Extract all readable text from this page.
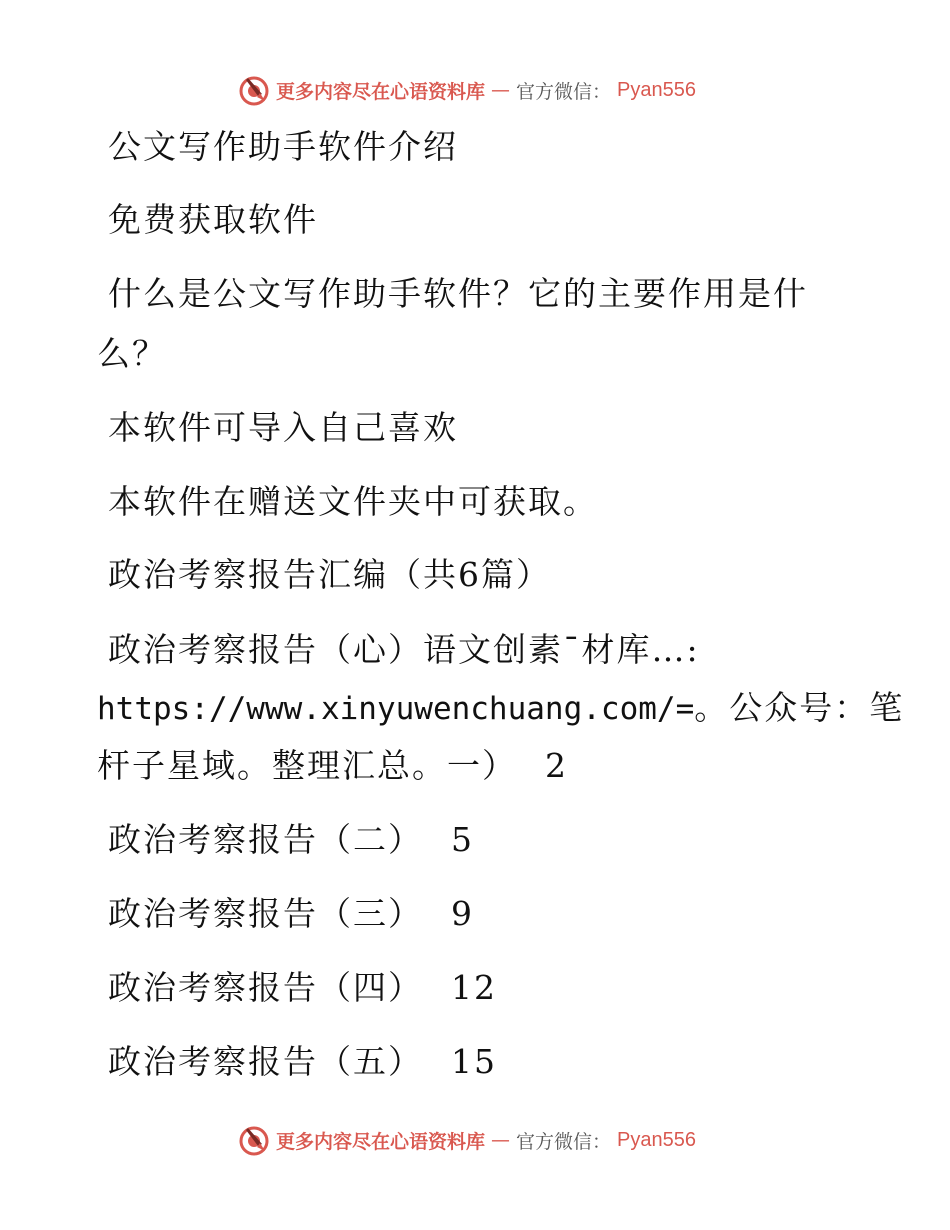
更多内容尽在心语资料库 — 官方微信： Pyan556
公文写作助手软件介绍
免费获取软件
什么是公文写作助手软件？它的主要作用是什
么？
本软件可导入自己喜欢
本软件在赠送文件夹中可获取。
政治考察报告汇编（共6篇）
政治考察报告（心）语文创素¯材库…:
https://www.xinyuwenchuang.com/=。公众号：笔
杆子星域。整理汇总。一） 2
政治考察报告（二） 5
政治考察报告（三） 9
政治考察报告（四） 12
政治考察报告（五） 15
更多内容尽在心语资料库 — 官方微信： Pyan556
